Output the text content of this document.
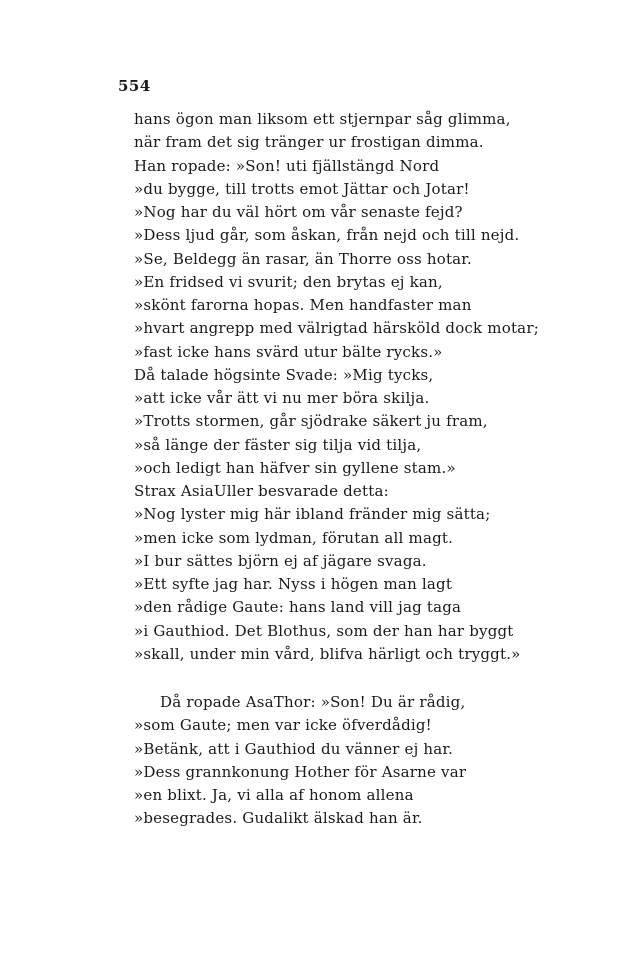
554
hans ögon man liksom ett stjernpar såg glimma,
när fram det sig tränger ur frostigan dimma.
Han ropade: »Son! uti fjällstängd Nord
»du bygge, till trotts emot Jättar och Jotar!
»Nog har du väl hört om vår senaste fejd?
»Dess ljud går, som åskan, från nejd och till nejd.
»Se, Beldegg än rasar, än Thorre oss hotar.
»En fridsed vi svurit; den brytas ej kan,
»skönt farorna hopas. Men handfaster man
»hvart angrepp med välrigtad härsköld dock motar;
»fast icke hans svärd utur bälte rycks.»
Då talade högsinte Svade: »Mig tycks,
»att icke vår ätt vi nu mer böra skilja.
»Trotts stormen, går sjödrake säkert ju fram,
»så länge der fäster sig tilja vid tilja,
»och ledigt han häfver sin gyllene stam.»
Strax AsiaUller besvarade detta:
»Nog lyster mig här ibland fränder mig sätta;
»men icke som lydman, förutan all magt.
»I bur sättes björn ej af jägare svaga.
»Ett syfte jag har. Nyss i högen man lagt
»den rådige Gaute: hans land vill jag taga
»i Gauthiod. Det Blothus, som der han har byggt
»skall, under min vård, blifva härligt och tryggt.»
Då ropade AsaThor: »Son! Du är rådig,
»som Gaute; men var icke öfverdådig!
»Betänk, att i Gauthiod du vänner ej har.
»Dess grannkonung Hother för Asarne var
»en blixt. Ja, vi alla af honom allena
»besegrades. Gudalikt älskad han är.
